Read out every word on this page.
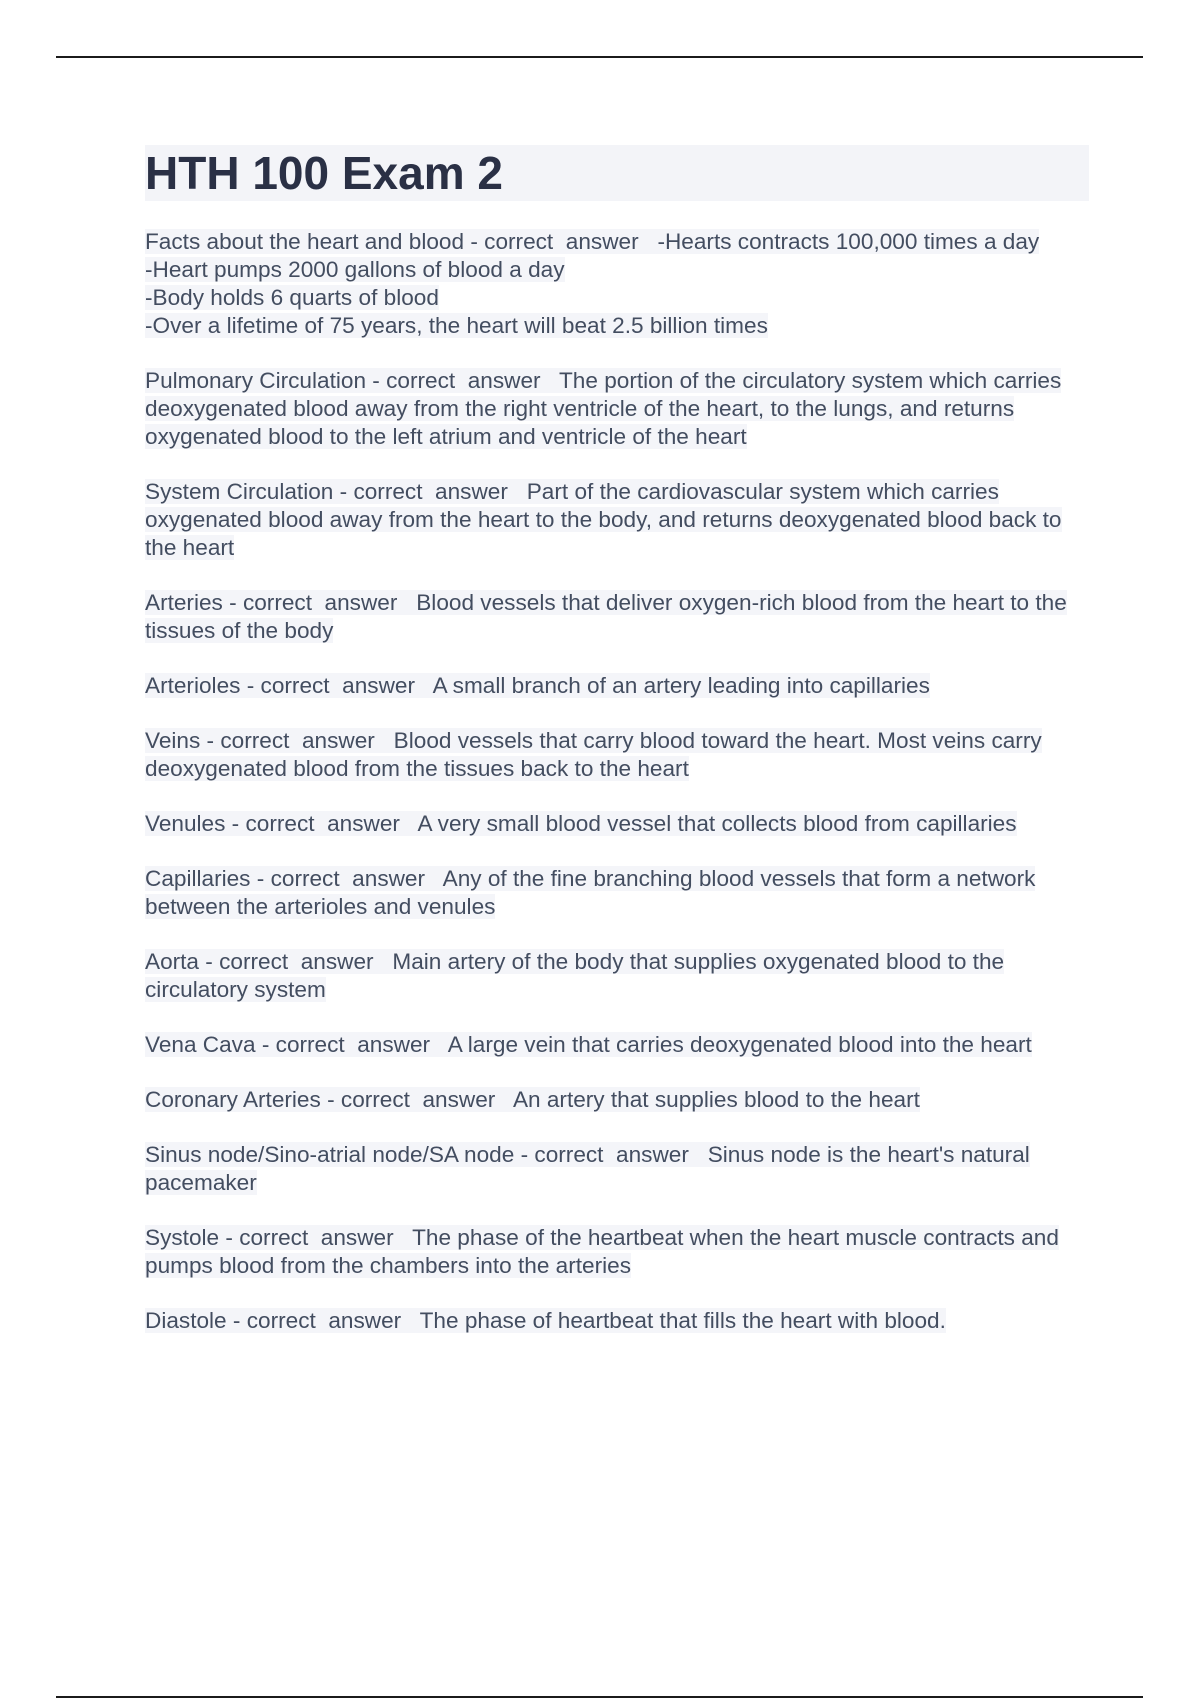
HTH 100 Exam 2

Facts about the heart and blood - correct  answer -Hearts contracts 100,000 times a day
-Heart pumps 2000 gallons of blood a day
-Body holds 6 quarts of blood
-Over a lifetime of 75 years, the heart will beat 2.5 billion times

Pulmonary Circulation - correct  answer The portion of the circulatory system which carries deoxygenated blood away from the right ventricle of the heart, to the lungs, and returns oxygenated blood to the left atrium and ventricle of the heart

System Circulation - correct  answer Part of the cardiovascular system which carries oxygenated blood away from the heart to the body, and returns deoxygenated blood back to the heart

Arteries - correct  answer Blood vessels that deliver oxygen-rich blood from the heart to the tissues of the body

Arterioles - correct  answer A small branch of an artery leading into capillaries

Veins - correct  answer Blood vessels that carry blood toward the heart. Most veins carry deoxygenated blood from the tissues back to the heart

Venules - correct  answer A very small blood vessel that collects blood from capillaries

Capillaries - correct  answer Any of the fine branching blood vessels that form a network between the arterioles and venules

Aorta - correct  answer Main artery of the body that supplies oxygenated blood to the circulatory system

Vena Cava - correct  answer A large vein that carries deoxygenated blood into the heart

Coronary Arteries - correct  answer An artery that supplies blood to the heart

Sinus node/Sino-atrial node/SA node - correct  answer Sinus node is the heart's natural pacemaker

Systole - correct  answer The phase of the heartbeat when the heart muscle contracts and pumps blood from the chambers into the arteries

Diastole - correct  answer The phase of heartbeat that fills the heart with blood.
